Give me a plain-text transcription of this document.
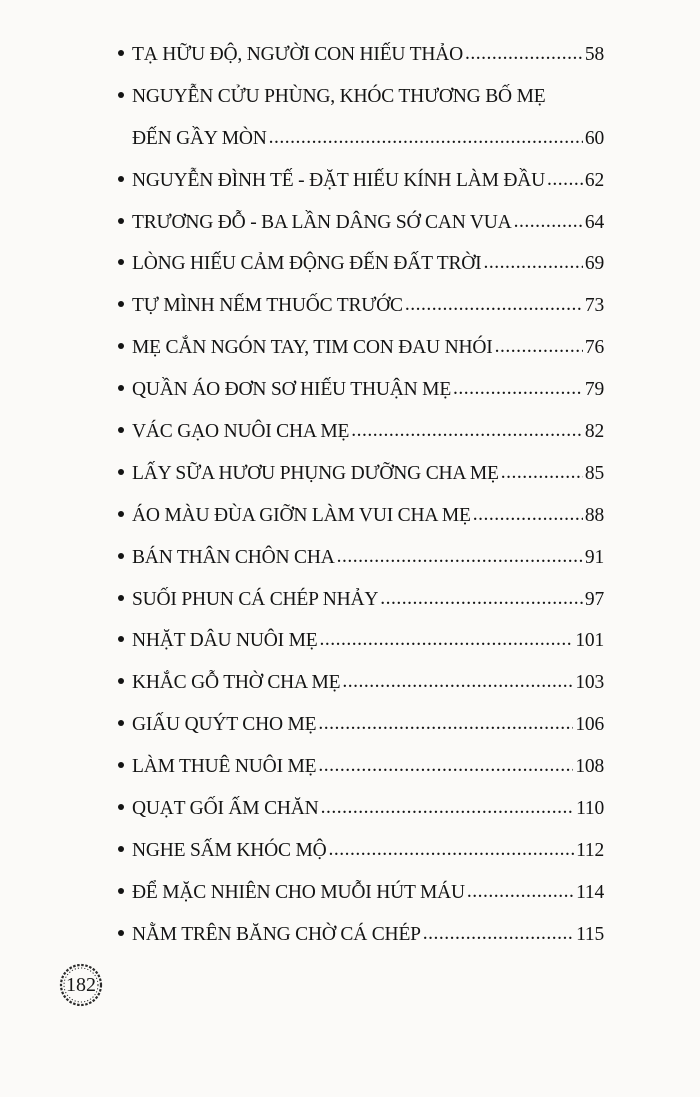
TẠ HỮU ĐỘ, NGƯỜI CON HIẾU THẢO .....	58
NGUYỄN CỬU PHÙNG, KHÓC THƯƠNG BỐ MẸ
ĐẾN GẦY MÒN .....	60
NGUYỄN ĐÌNH TẾ - ĐẶT HIẾU KÍNH LÀM ĐẦU ..... 62
TRƯƠNG ĐỖ - BA LẦN DÂNG SỚ CAN VUA .....	64
LÒNG HIẾU CẢM ĐỘNG ĐẾN ĐẤT TRỜI .....	69
TỰ MÌNH NẾM THUỐC TRƯỚC .....	73
MẸ CẮN NGÓN TAY, TIM CON ĐAU NHÓI .....	76
QUẦN ÁO ĐƠN SƠ HIẾU THUẬN MẸ .....	79
VÁC GẠO NUÔI CHA MẸ .....	82
LẤY SỮA HƯƠU PHỤNG DƯỠNG CHA MẸ .....	85
ÁO MÀU ĐÙA GIỠN LÀM VUI CHA MẸ .....	88
BÁN THÂN CHÔN CHA .....	91
SUỐI PHUN CÁ CHÉP NHẢY .....	97
NHẶT DÂU NUÔI MẸ .....	101
KHẮC GỖ THỜ CHA MẸ .....	103
GIẤU QUÝT CHO MẸ .....	106
LÀM THUÊ NUÔI MẸ .....	108
QUẠT GỐI ẤM CHĂN .....	110
NGHE SẤM KHÓC MỘ .....	112
ĐỂ MẶC NHIÊN CHO MUỖI HÚT MÁU .....	114
NẰM TRÊN BĂNG CHỜ CÁ CHÉP .....	115
182
